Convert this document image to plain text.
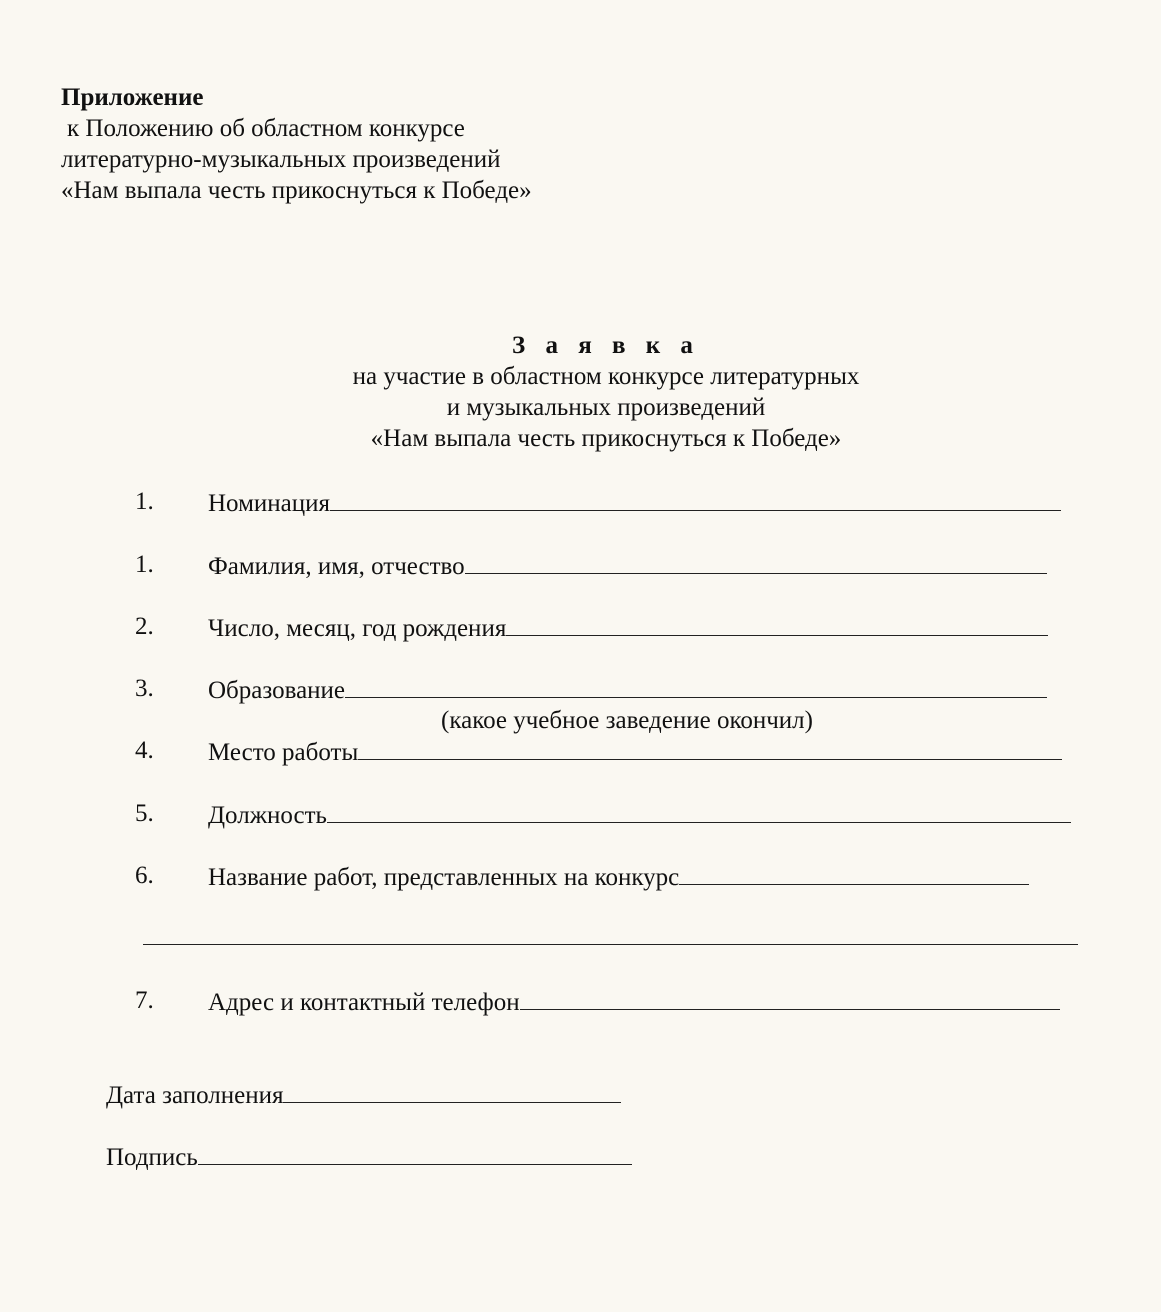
Приложение
к Положению об областном конкурсе
литературно-музыкальных произведений
«Нам выпала честь прикоснуться к Победе»
З а я в к а
на участие в областном конкурсе литературных
и музыкальных произведений
«Нам выпала честь прикоснуться к Победе»
1. Номинация
1. Фамилия, имя, отчество
2. Число, месяц, год рождения
3. Образование
(какое учебное заведение окончил)
4. Место работы
5. Должность
6. Название работ, представленных на конкурс
7. Адрес и контактный телефон
Дата заполнения
Подпись
